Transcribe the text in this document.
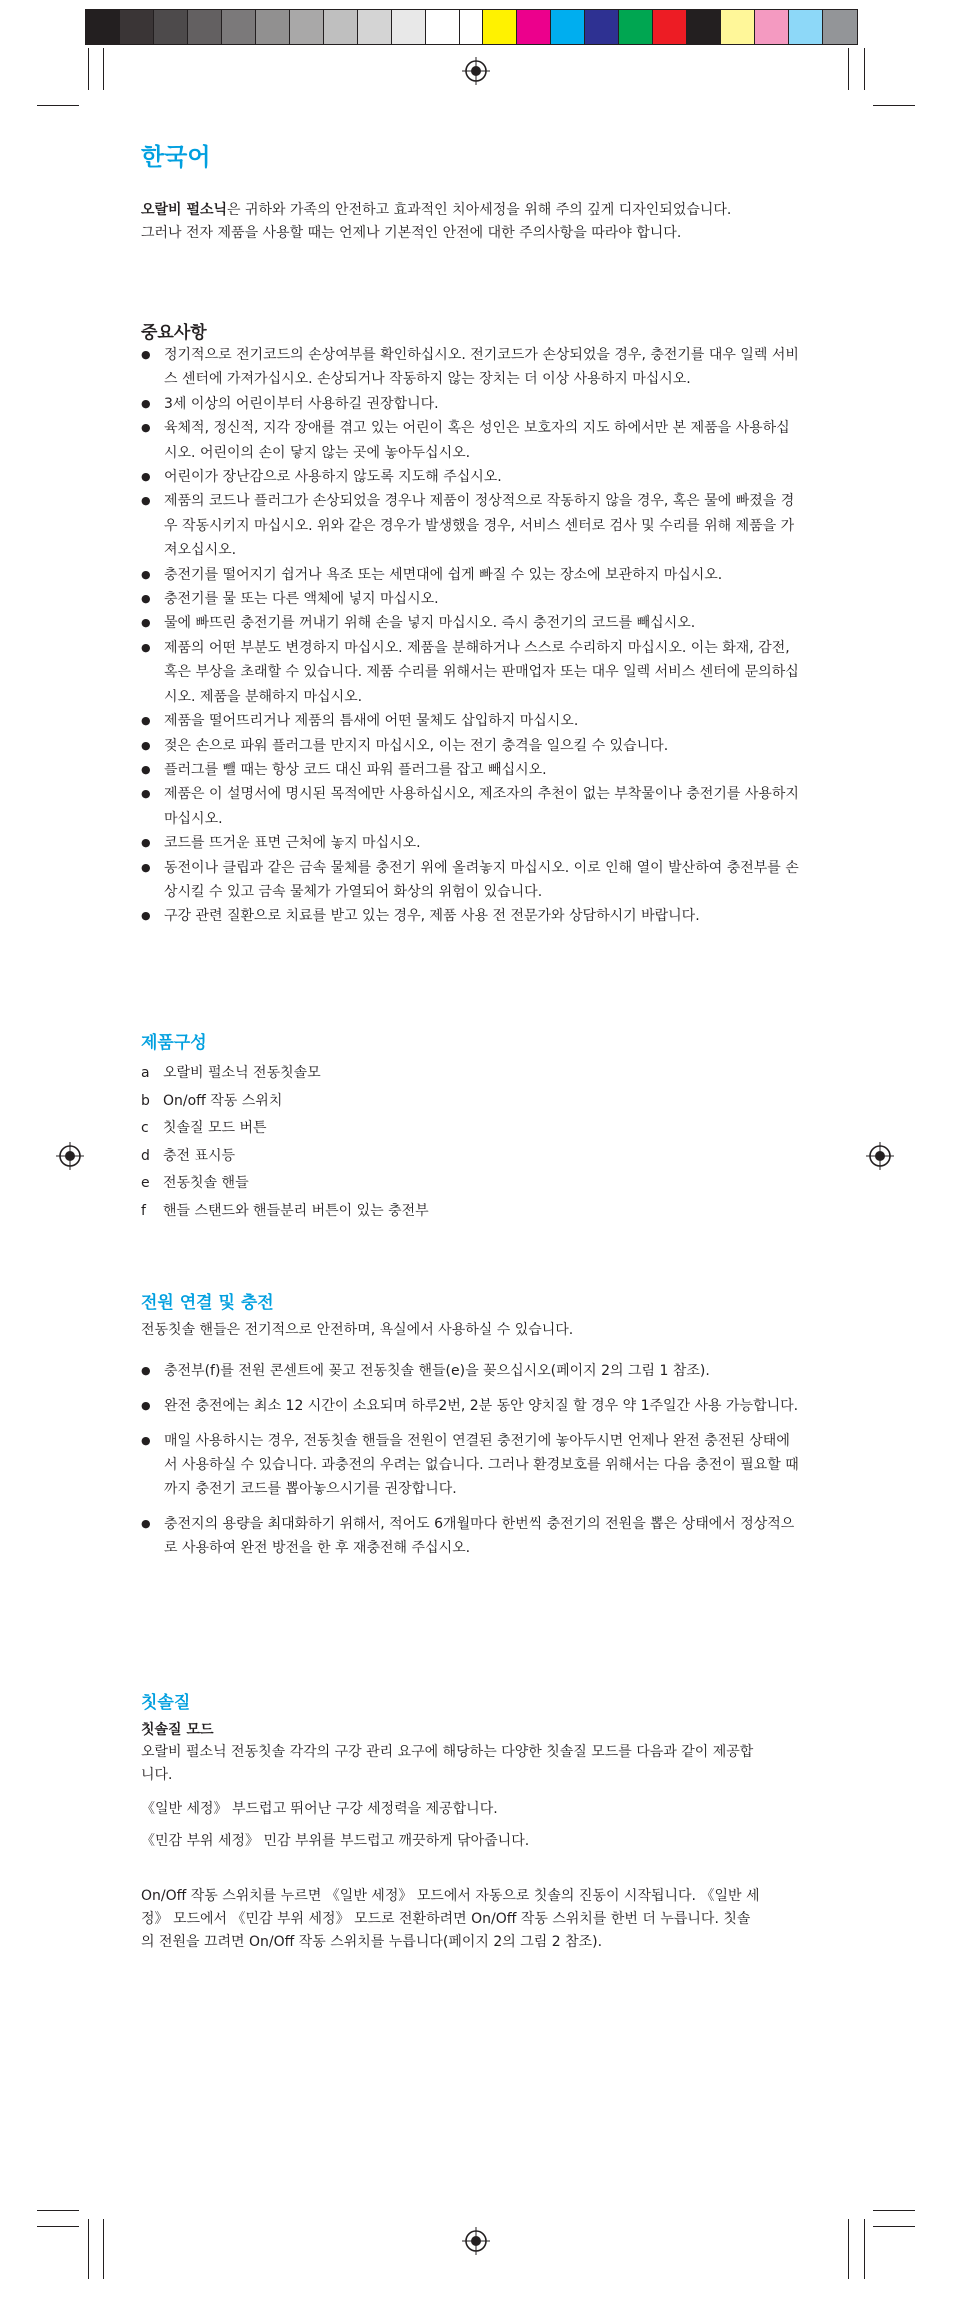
한국어

오랄비 펄소닉은 귀하와 가족의 안전하고 효과적인 치아세정을 위해 주의 깊게 디자인되었습니다.
그러나 전자 제품을 사용할 때는 언제나 기본적인 안전에 대한 주의사항을 따라야 합니다.

중요사항
● 정기적으로 전기코드의 손상여부를 확인하십시오. 전기코드가 손상되었을 경우, 충전기를 대우 일렉 서비스 센터에 가져가십시오. 손상되거나 작동하지 않는 장치는 더 이상 사용하지 마십시오.
● 3세 이상의 어린이부터 사용하길 권장합니다.
● 육체적, 정신적, 지각 장애를 겪고 있는 어린이 혹은 성인은 보호자의 지도 하에서만 본 제품을 사용하십시오. 어린이의 손이 닿지 않는 곳에 놓아두십시오.
● 어린이가 장난감으로 사용하지 않도록 지도해 주십시오.
● 제품의 코드나 플러그가 손상되었을 경우나 제품이 정상적으로 작동하지 않을 경우, 혹은 물에 빠졌을 경우 작동시키지 마십시오. 위와 같은 경우가 발생했을 경우, 서비스 센터로 검사 및 수리를 위해 제품을 가져오십시오.
● 충전기를 떨어지기 쉽거나 욕조 또는 세면대에 쉽게 빠질 수 있는 장소에 보관하지 마십시오.
● 충전기를 물 또는 다른 액체에 넣지 마십시오.
● 물에 빠뜨린 충전기를 꺼내기 위해 손을 넣지 마십시오. 즉시 충전기의 코드를 빼십시오.
● 제품의 어떤 부분도 변경하지 마십시오. 제품을 분해하거나 스스로 수리하지 마십시오. 이는 화재, 감전, 혹은 부상을 초래할 수 있습니다. 제품 수리를 위해서는 판매업자 또는 대우 일렉 서비스 센터에 문의하십시오. 제품을 분해하지 마십시오.
● 제품을 떨어뜨리거나 제품의 틈새에 어떤 물체도 삽입하지 마십시오.
● 젖은 손으로 파워 플러그를 만지지 마십시오, 이는 전기 충격을 일으킬 수 있습니다.
● 플러그를 뺄 때는 항상 코드 대신 파워 플러그를 잡고 빼십시오.
● 제품은 이 설명서에 명시된 목적에만 사용하십시오, 제조자의 추천이 없는 부착물이나 충전기를 사용하지 마십시오.
● 코드를 뜨거운 표면 근처에 놓지 마십시오.
● 동전이나 클립과 같은 금속 물체를 충전기 위에 올려놓지 마십시오. 이로 인해 열이 발산하여 충전부를 손상시킬 수 있고 금속 물체가 가열되어 화상의 위험이 있습니다.
● 구강 관련 질환으로 치료를 받고 있는 경우, 제품 사용 전 전문가와 상담하시기 바랍니다.
제품구성
a 오랄비 펄소닉 전동칫솔모
b On/off 작동 스위치
c	칫솔질 모드 버튼
d 충전 표시등
e 전동칫솔 핸들
f	핸들 스탠드와 핸들분리 버튼이 있는 충전부
전원 연결 및 충전

전동칫솔 핸들은 전기적으로 안전하며, 욕실에서 사용하실 수 있습니다.

● 충전부(f)를 전원 콘센트에 꽂고 전동칫솔 핸들(e)을 꽂으십시오(페이지 2의 그림 1 참조).
● 완전 충전에는 최소 12 시간이 소요되며 하루2번, 2분 동안 양치질 할 경우 약 1주일간 사용 가능합니다.
● 매일 사용하시는 경우, 전동칫솔 핸들을 전원이 연결된 충전기에 놓아두시면 언제나 완전 충전된 상태에서 사용하실 수 있습니다. 과충전의 우려는 없습니다. 그러나 환경보호를 위해서는 다음 충전이 필요할 때까지 충전기 코드를 뽑아놓으시기를 권장합니다.
● 충전지의 용량을 최대화하기 위해서, 적어도 6개월마다 한번씩 충전기의 전원을 뽑은 상태에서 정상적으로 사용하여 완전 방전을 한 후 재충전해 주십시오.
칫솔질

칫솔질 모드

오랄비 펄소닉 전동칫솔 각각의 구강 관리 요구에 해당하는 다양한 칫솔질 모드를 다음과 같이 제공합니다.

《일반 세정》 부드럽고 뛰어난 구강 세정력을 제공합니다.

《민감 부위 세정》 민감 부위를 부드럽고 깨끗하게 닦아줍니다.

On/Off 작동 스위치를 누르면 《일반 세정》 모드에서 자동으로 칫솔의 진동이 시작됩니다. 《일반 세정》 모드에서 《민감 부위 세정》 모드로 전환하려면 On/Off 작동 스위치를 한번 더 누릅니다. 칫솔의 전원을 끄려면 On/Off 작동 스위치를 누릅니다(페이지 2의 그림 2 참조).
